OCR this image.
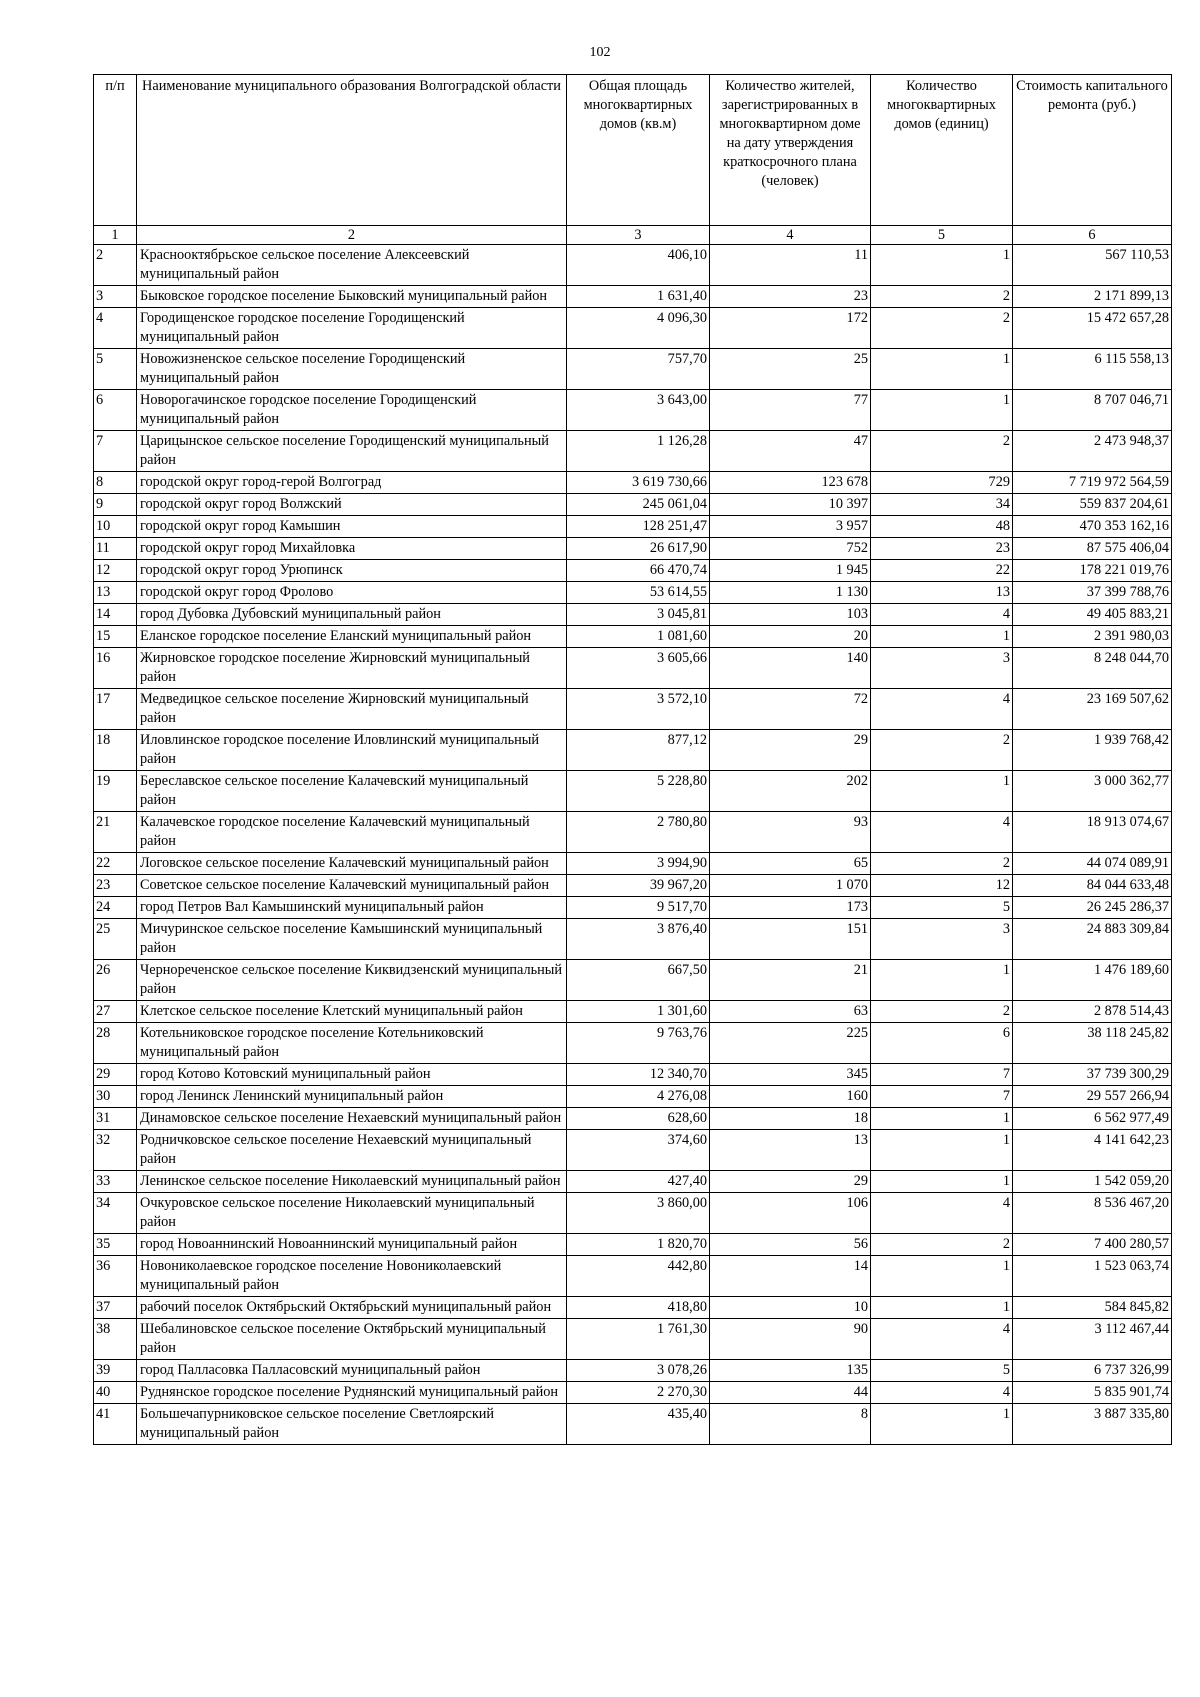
102
п/п	Наименование муниципального образования Волгоградской области	Общая площадь многоквартирных домов (кв.м)	Количество жителей, зарегистрированных в многоквартирном доме на дату утверждения краткосрочного плана (человек)	Количество многоквартирных домов (единиц)	Стоимость капитального ремонта (руб.)
1	2	3	4	5	6
2	Краснооктябрьское сельское поселение Алексеевский муниципальный район	406,10	11	1	567 110,53
3	Быковское городское поселение Быковский муниципальный район	1 631,40	23	2	2 171 899,13
4	Городищенское городское поселение Городищенский муниципальный район	4 096,30	172	2	15 472 657,28
5	Новожизненское сельское поселение Городищенский муниципальный район	757,70	25	1	6 115 558,13
6	Новорогачинское городское поселение Городищенский муниципальный район	3 643,00	77	1	8 707 046,71
7	Царицынское сельское поселение Городищенский муниципальный район	1 126,28	47	2	2 473 948,37
8	городской округ город-герой Волгоград	3 619 730,66	123 678	729	7 719 972 564,59
9	городской округ город Волжский	245 061,04	10 397	34	559 837 204,61
10	городской округ город Камышин	128 251,47	3 957	48	470 353 162,16
11	городской округ город Михайловка	26 617,90	752	23	87 575 406,04
12	городской округ город Урюпинск	66 470,74	1 945	22	178 221 019,76
13	городской округ город Фролово	53 614,55	1 130	13	37 399 788,76
14	город Дубовка Дубовский муниципальный район	3 045,81	103	4	49 405 883,21
15	Еланское городское поселение Еланский муниципальный район	1 081,60	20	1	2 391 980,03
16	Жирновское городское поселение Жирновский муниципальный район	3 605,66	140	3	8 248 044,70
17	Медведицкое сельское поселение Жирновский муниципальный район	3 572,10	72	4	23 169 507,62
18	Иловлинское городское поселение Иловлинский муниципальный район	877,12	29	2	1 939 768,42
19	Береславское сельское поселение Калачевский муниципальный район	5 228,80	202	1	3 000 362,77
21	Калачевское городское поселение Калачевский муниципальный район	2 780,80	93	4	18 913 074,67
22	Логовское сельское поселение Калачевский муниципальный район	3 994,90	65	2	44 074 089,91
23	Советское сельское поселение Калачевский муниципальный район	39 967,20	1 070	12	84 044 633,48
24	город Петров Вал Камышинский муниципальный район	9 517,70	173	5	26 245 286,37
25	Мичуринское сельское поселение Камышинский муниципальный район	3 876,40	151	3	24 883 309,84
26	Чернореченское сельское поселение Киквидзенский муниципальный район	667,50	21	1	1 476 189,60
27	Клетское сельское поселение Клетский муниципальный район	1 301,60	63	2	2 878 514,43
28	Котельниковское городское поселение Котельниковский муниципальный район	9 763,76	225	6	38 118 245,82
29	город Котово Котовский муниципальный район	12 340,70	345	7	37 739 300,29
30	город Ленинск Ленинский муниципальный район	4 276,08	160	7	29 557 266,94
31	Динамовское сельское поселение Нехаевский муниципальный район	628,60	18	1	6 562 977,49
32	Родничковское сельское поселение Нехаевский муниципальный район	374,60	13	1	4 141 642,23
33	Ленинское сельское поселение Николаевский муниципальный район	427,40	29	1	1 542 059,20
34	Очкуровское сельское поселение Николаевский муниципальный район	3 860,00	106	4	8 536 467,20
35	город Новоаннинский Новоаннинский муниципальный район	1 820,70	56	2	7 400 280,57
36	Новониколаевское городское поселение Новониколаевский муниципальный район	442,80	14	1	1 523 063,74
37	рабочий поселок Октябрьский Октябрьский муниципальный район	418,80	10	1	584 845,82
38	Шебалиновское сельское поселение Октябрьский муниципальный район	1 761,30	90	4	3 112 467,44
39	город Палласовка Палласовский муниципальный район	3 078,26	135	5	6 737 326,99
40	Руднянское городское поселение Руднянский муниципальный район	2 270,30	44	4	5 835 901,74
41	Большечапурниковское сельское поселение Светлоярский муниципальный район	435,40	8	1	3 887 335,80
